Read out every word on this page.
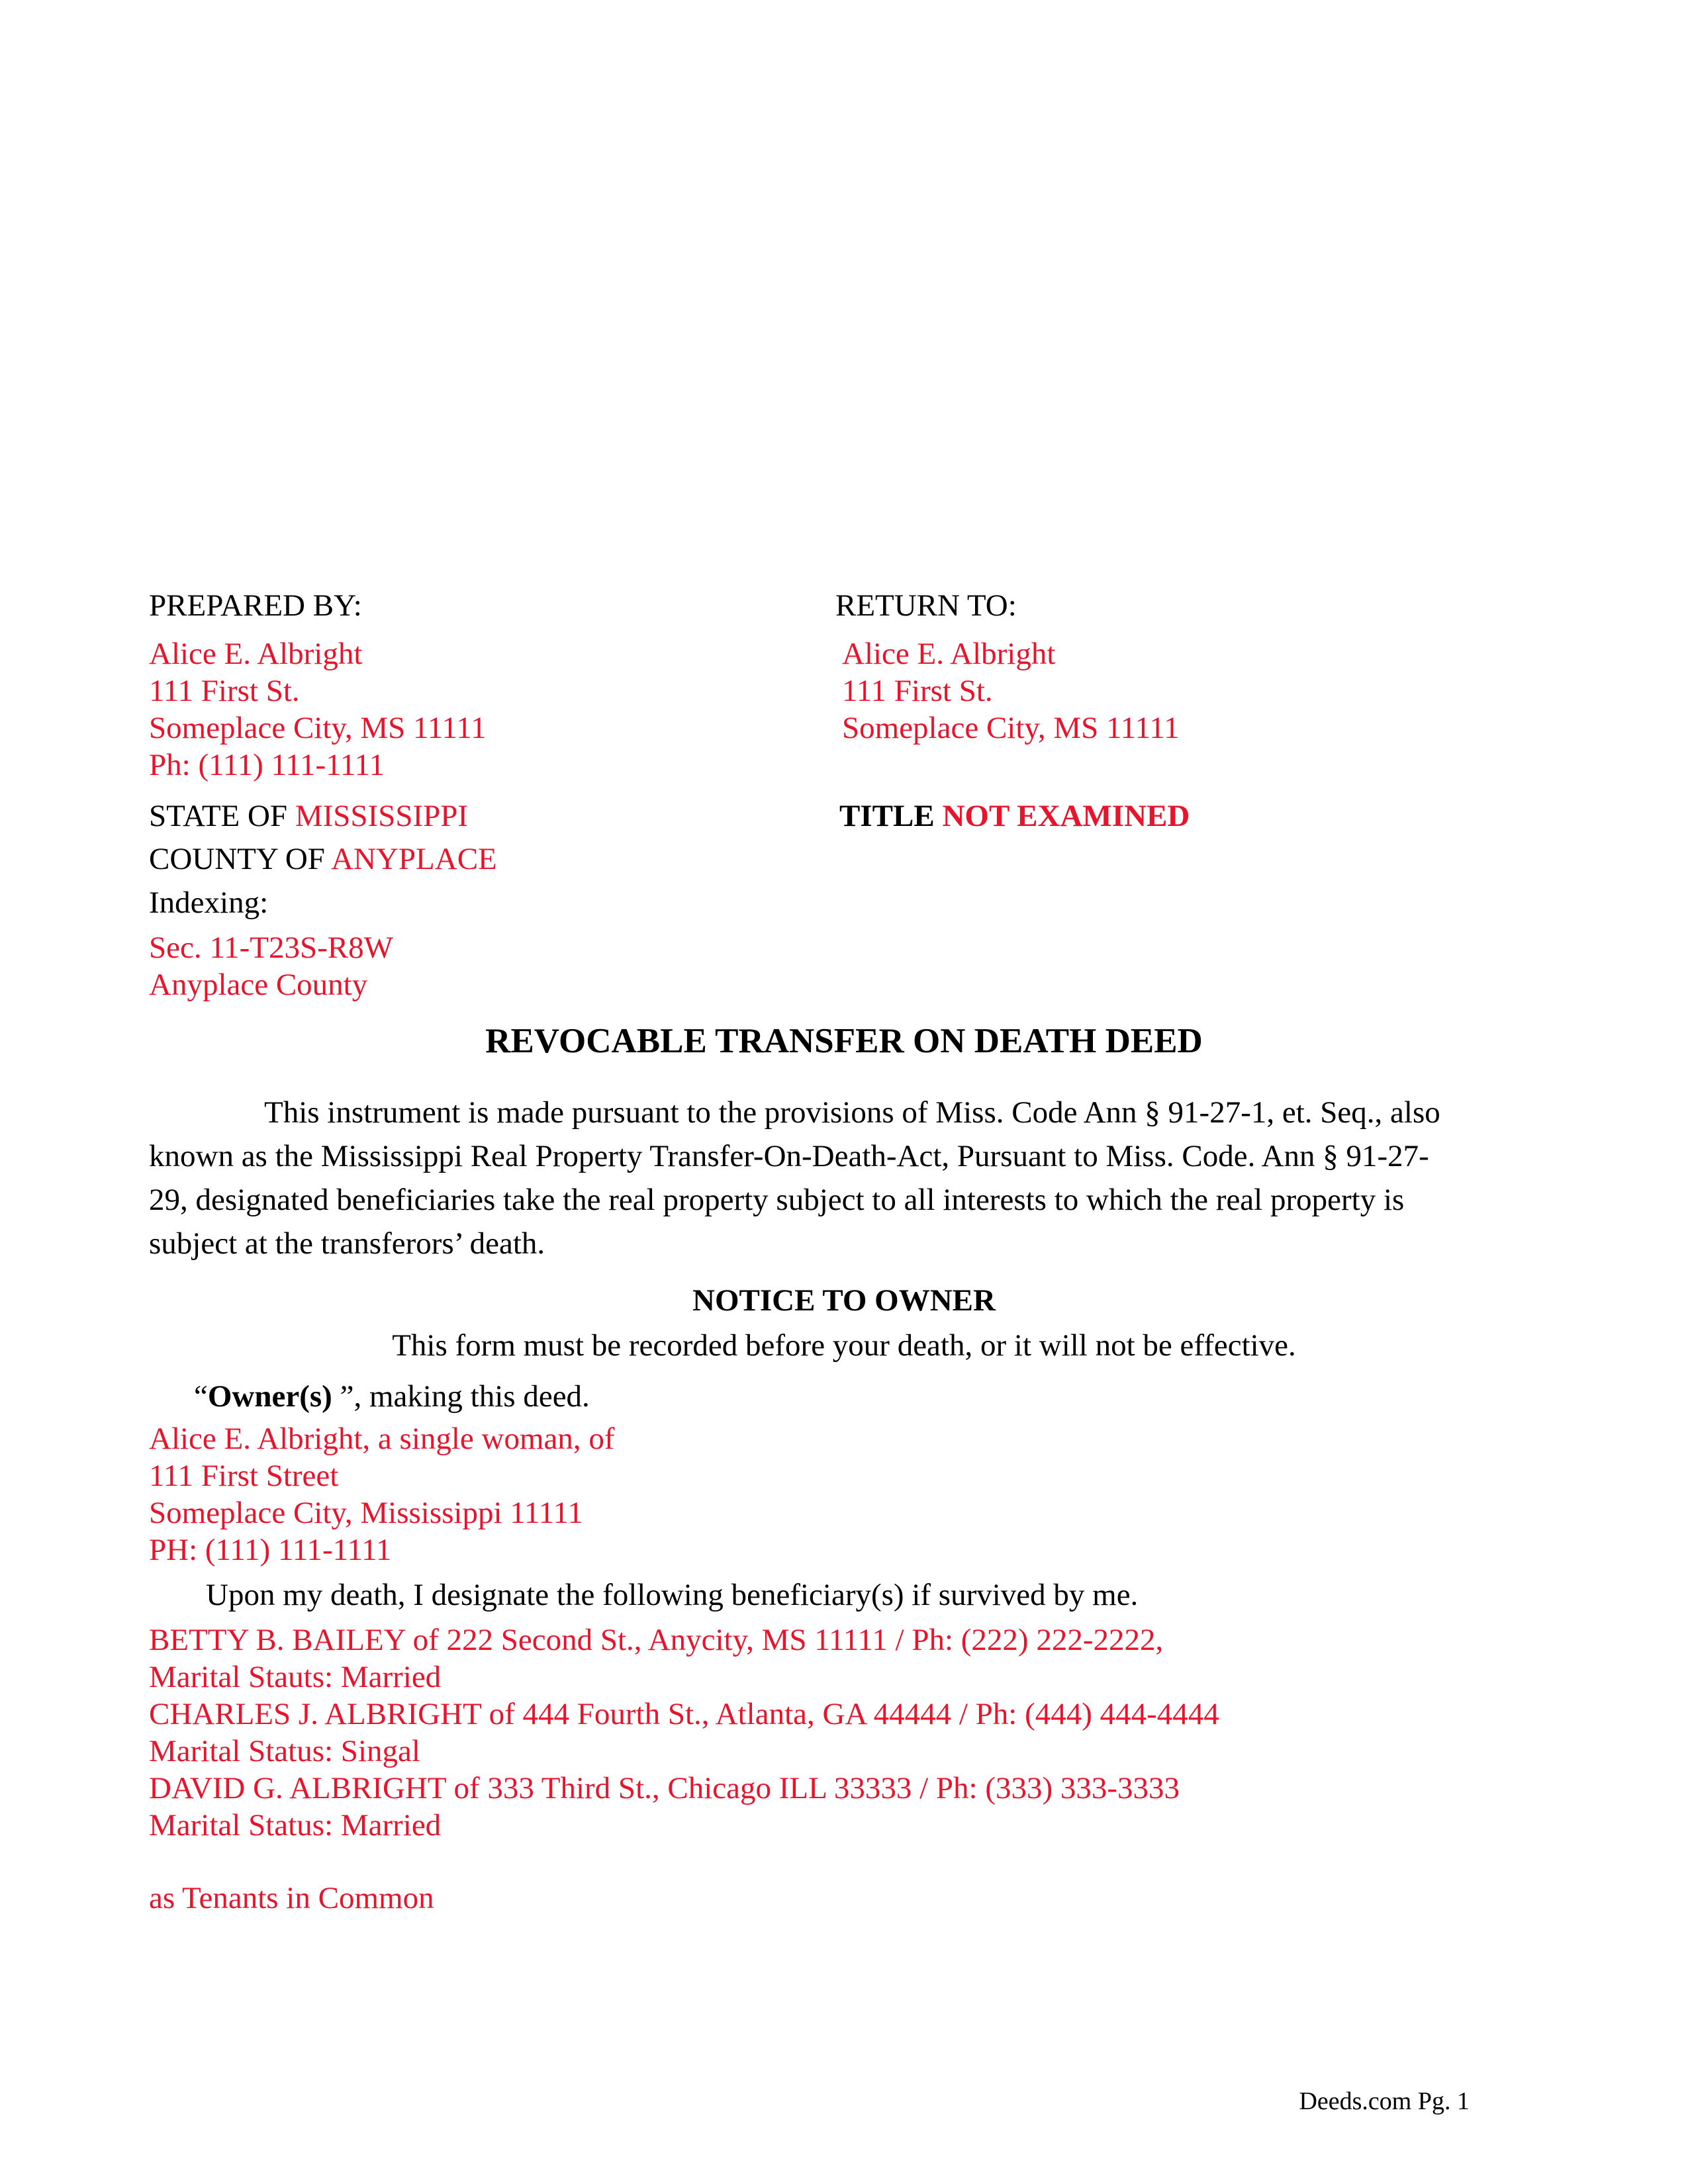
PREPARED BY:

Alice E. Albright

111 First St.

Someplace City, MS 11111

Ph: (111) 111-1111

RETURN TO:

Alice E. Albright

111 First St.

Someplace City, MS 11111

STATE OF MISSISSIPPI
COUNTY OF ANYPLACE
TITLE NOT EXAMINED
Indexing:

Sec. 11-T23S-R8W

Anyplace County

REVOCABLE TRANSFER ON DEATH DEED

This instrument is made pursuant to the provisions of Miss. Code Ann § 91-27-1, et. Seq., also

known as the Mississippi Real Property Transfer-On-Death-Act, Pursuant to Miss. Code. Ann § 91-27-

29, designated beneficiaries take the real property subject to all interests to which the real property is

subject at the transferors’ death.

NOTICE TO OWNER
This form must be recorded before your death, or it will not be effective.
“Owner(s) ”, making this deed.

Alice E. Albright, a single woman, of

111 First Street

Someplace City, Mississippi 11111

PH: (111) 111-1111

Upon my death, I designate the following beneficiary(s) if survived by me.

BETTY B. BAILEY of 222 Second St., Anycity, MS 11111 / Ph: (222) 222-2222,

Marital Stauts: Married

CHARLES J. ALBRIGHT of 444 Fourth St., Atlanta, GA 44444 / Ph: (444) 444-4444

Marital Status: Singal

DAVID G. ALBRIGHT of 333 Third St., Chicago ILL 33333 / Ph: (333) 333-3333

Marital Status: Married

as Tenants in Common
Deeds.com Pg. 1
